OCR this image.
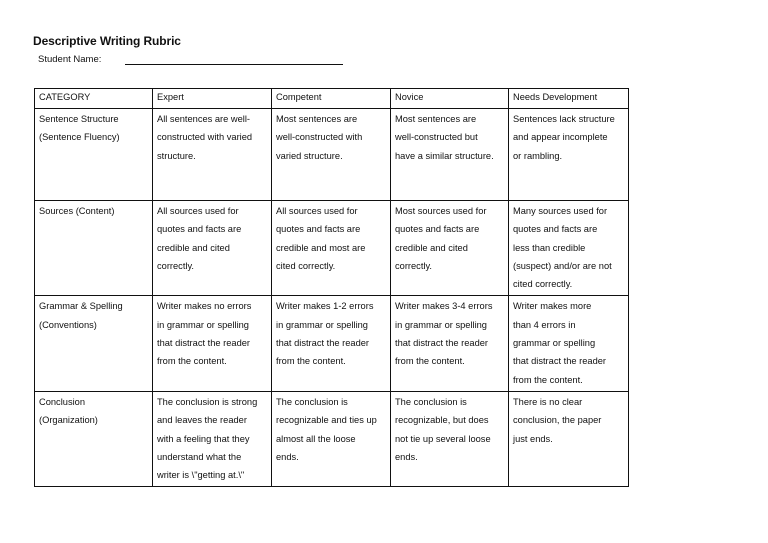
Descriptive Writing Rubric
Student Name:
CATEGORY	Expert	Competent	Novice	Needs Development

Sentence Structure
(Sentence Fluency)	All sentences are well-
constructed with varied
structure.	Most sentences are
well-constructed with
varied structure.	Most sentences are
well-constructed but
have a similar structure.	Sentences lack structure
and appear incomplete
or rambling.

Sources (Content)	All sources used for
quotes and facts are
credible and cited
correctly.	All sources used for
quotes and facts are
credible and most are
cited correctly.	Most sources used for
quotes and facts are
credible and cited
correctly.	Many sources used for
quotes and facts are
less than credible
(suspect) and/or are not
cited correctly.

Grammar & Spelling
(Conventions)	Writer makes no errors
in grammar or spelling
that distract the reader
from the content.	Writer makes 1-2 errors
in grammar or spelling
that distract the reader
from the content.	Writer makes 3-4 errors
in grammar or spelling
that distract the reader
from the content.	Writer makes more
than 4 errors in
grammar or spelling
that distract the reader
from the content.

Conclusion
(Organization)	The conclusion is strong
and leaves the reader
with a feeling that they
understand what the
writer is \"getting at.\"	The conclusion is
recognizable and ties up
almost all the loose
ends.	The conclusion is
recognizable, but does
not tie up several loose
ends.	There is no clear
conclusion, the paper
just ends.
